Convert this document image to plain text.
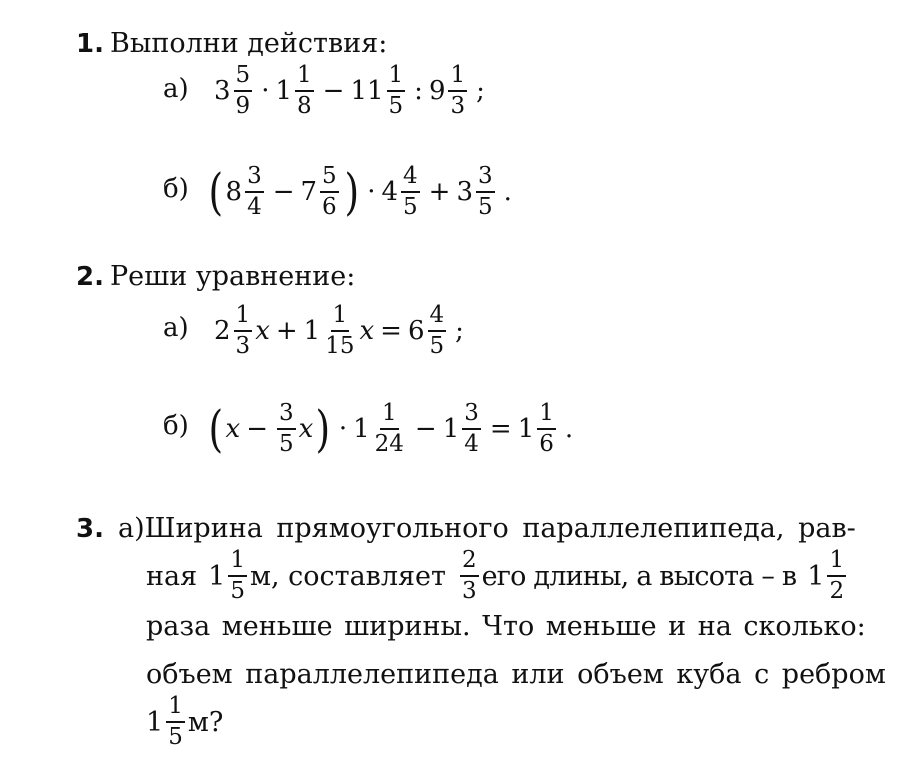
1. Выполни действия:
а) $3 \frac{5}{9} \cdot 1 \frac{1}{8} - 11 \frac{1}{5}$ : $9 \frac{1}{3}$ ;
б) ( $8 \frac{3}{4} - 7 \frac{5}{6}$ ) · $4 \frac{4}{5} + 3 \frac{3}{5}$ .
2. Реши уравнение:
а) $2 \frac{1}{3}$ $x + 1 \frac{1}{15}$ $x = 6 \frac{4}{5}$ ;
б) ( $x - \frac{3}{5}$ x ) · $1 \frac{1}{24} - 1 \frac{3}{4} = 1 \frac{1}{6}$ .
3. а)Ширина прямоугольного параллелепипеда, рав-
ная $1 \frac{1}{5} м$, составляет $\frac{2}{3}$ его длины, а высота – в $1 \frac{1}{2}$
раза меньше ширины. Что меньше и на сколько:
объем параллелепипеда или объем куба с ребром
$1 \frac{1}{5} м$?
